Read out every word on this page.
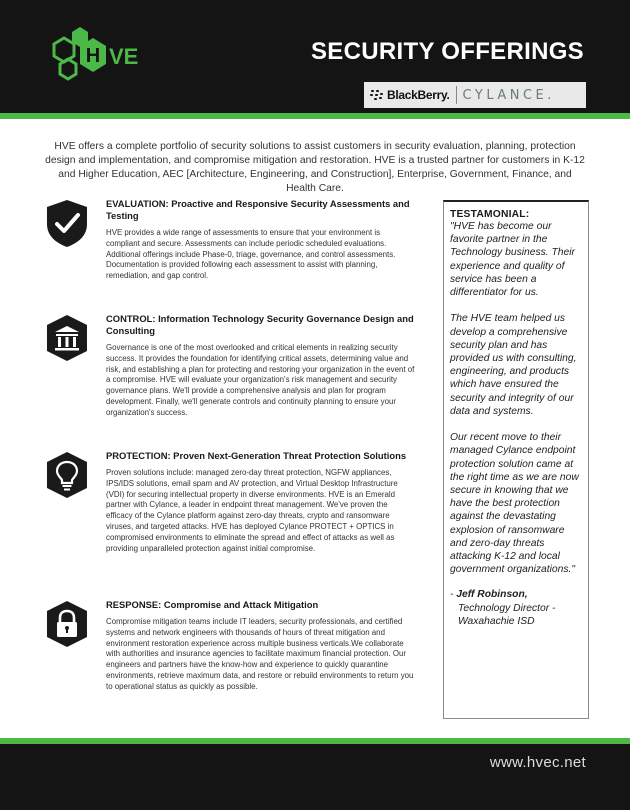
H VE	SECURITY OFFERINGS
BlackBerry. CYLANCE.

HVE offers a complete portfolio of security solutions to assist customers in security evaluation, planning, protection design and implementation, and compromise mitigation and restoration. HVE is a trusted partner for customers in K-12 and Higher Education, AEC [Architecture, Engineering, and Construction], Enterprise, Government, Finance, and Health Care.

EVALUATION: Proactive and Responsive Security Assessments and Testing
HVE provides a wide range of assessments to ensure that your environment is compliant and secure. Assessments can include periodic scheduled evaluations. Additional offerings include Phase-0, triage, governance, and control assessments. Documentation is provided following each assessment to assist with planning, remediation, and gap control.
CONTROL: Information Technology Security Governance Design and Consulting
Governance is one of the most overlooked and critical elements in realizing security success. It provides the foundation for identifying critical assets, determining value and risk, and establishing a plan for protecting and restoring your organization in the event of a compromise. HVE will evaluate your organization's risk management and security governance plans. We'll provide a comprehensive analysis and plan for program development. Finally, we'll generate controls and continuity planning to ensure your organization's success.
PROTECTION: Proven Next-Generation Threat Protection Solutions
Proven solutions include: managed zero-day threat protection, NGFW appliances, IPS/IDS solutions, email spam and AV protection, and Virtual Desktop Infrastructure (VDI) for securing intellectual property in diverse environments. HVE is an Emerald partner with Cylance, a leader in endpoint threat management. We've proven the efficacy of the Cylance platform against zero-day threats, crypto and ransomware viruses, and targeted attacks. HVE has deployed Cylance PROTECT + OPTICS in compromised environments to eliminate the spread and effect of attacks as well as providing unparalleled protection against initial compromise.
RESPONSE: Compromise and Attack Mitigation
Compromise mitigation teams include IT leaders, security professionals, and certified systems and network engineers with thousands of hours of threat mitigation and environment restoration experience across multiple business verticals.We collaborate with authorities and insurance agencies to facilitate maximum financial protection. Our engineers and partners have the know-how and experience to quickly quarantine environments, retrieve maximum data, and restore or rebuild environments to return you to operational status as quickly as possible.
TESTAMONIAL:
"HVE has become our favorite partner in the Technology business. Their experience and quality of service has been a differentiator for us.

The HVE team helped us develop a comprehensive security plan and has provided us with consulting, engineering, and products which have ensured the security and integrity of our data and systems.

Our recent move to their managed Cylance endpoint protection solution came at the right time as we are now secure in knowing that we have the best protection against the devastating explosion of ransomware and zero-day threats attacking K-12 and local government organizations."
- Jeff Robinson,
Technology Director -
Waxahachie ISD
www.hvec.net
